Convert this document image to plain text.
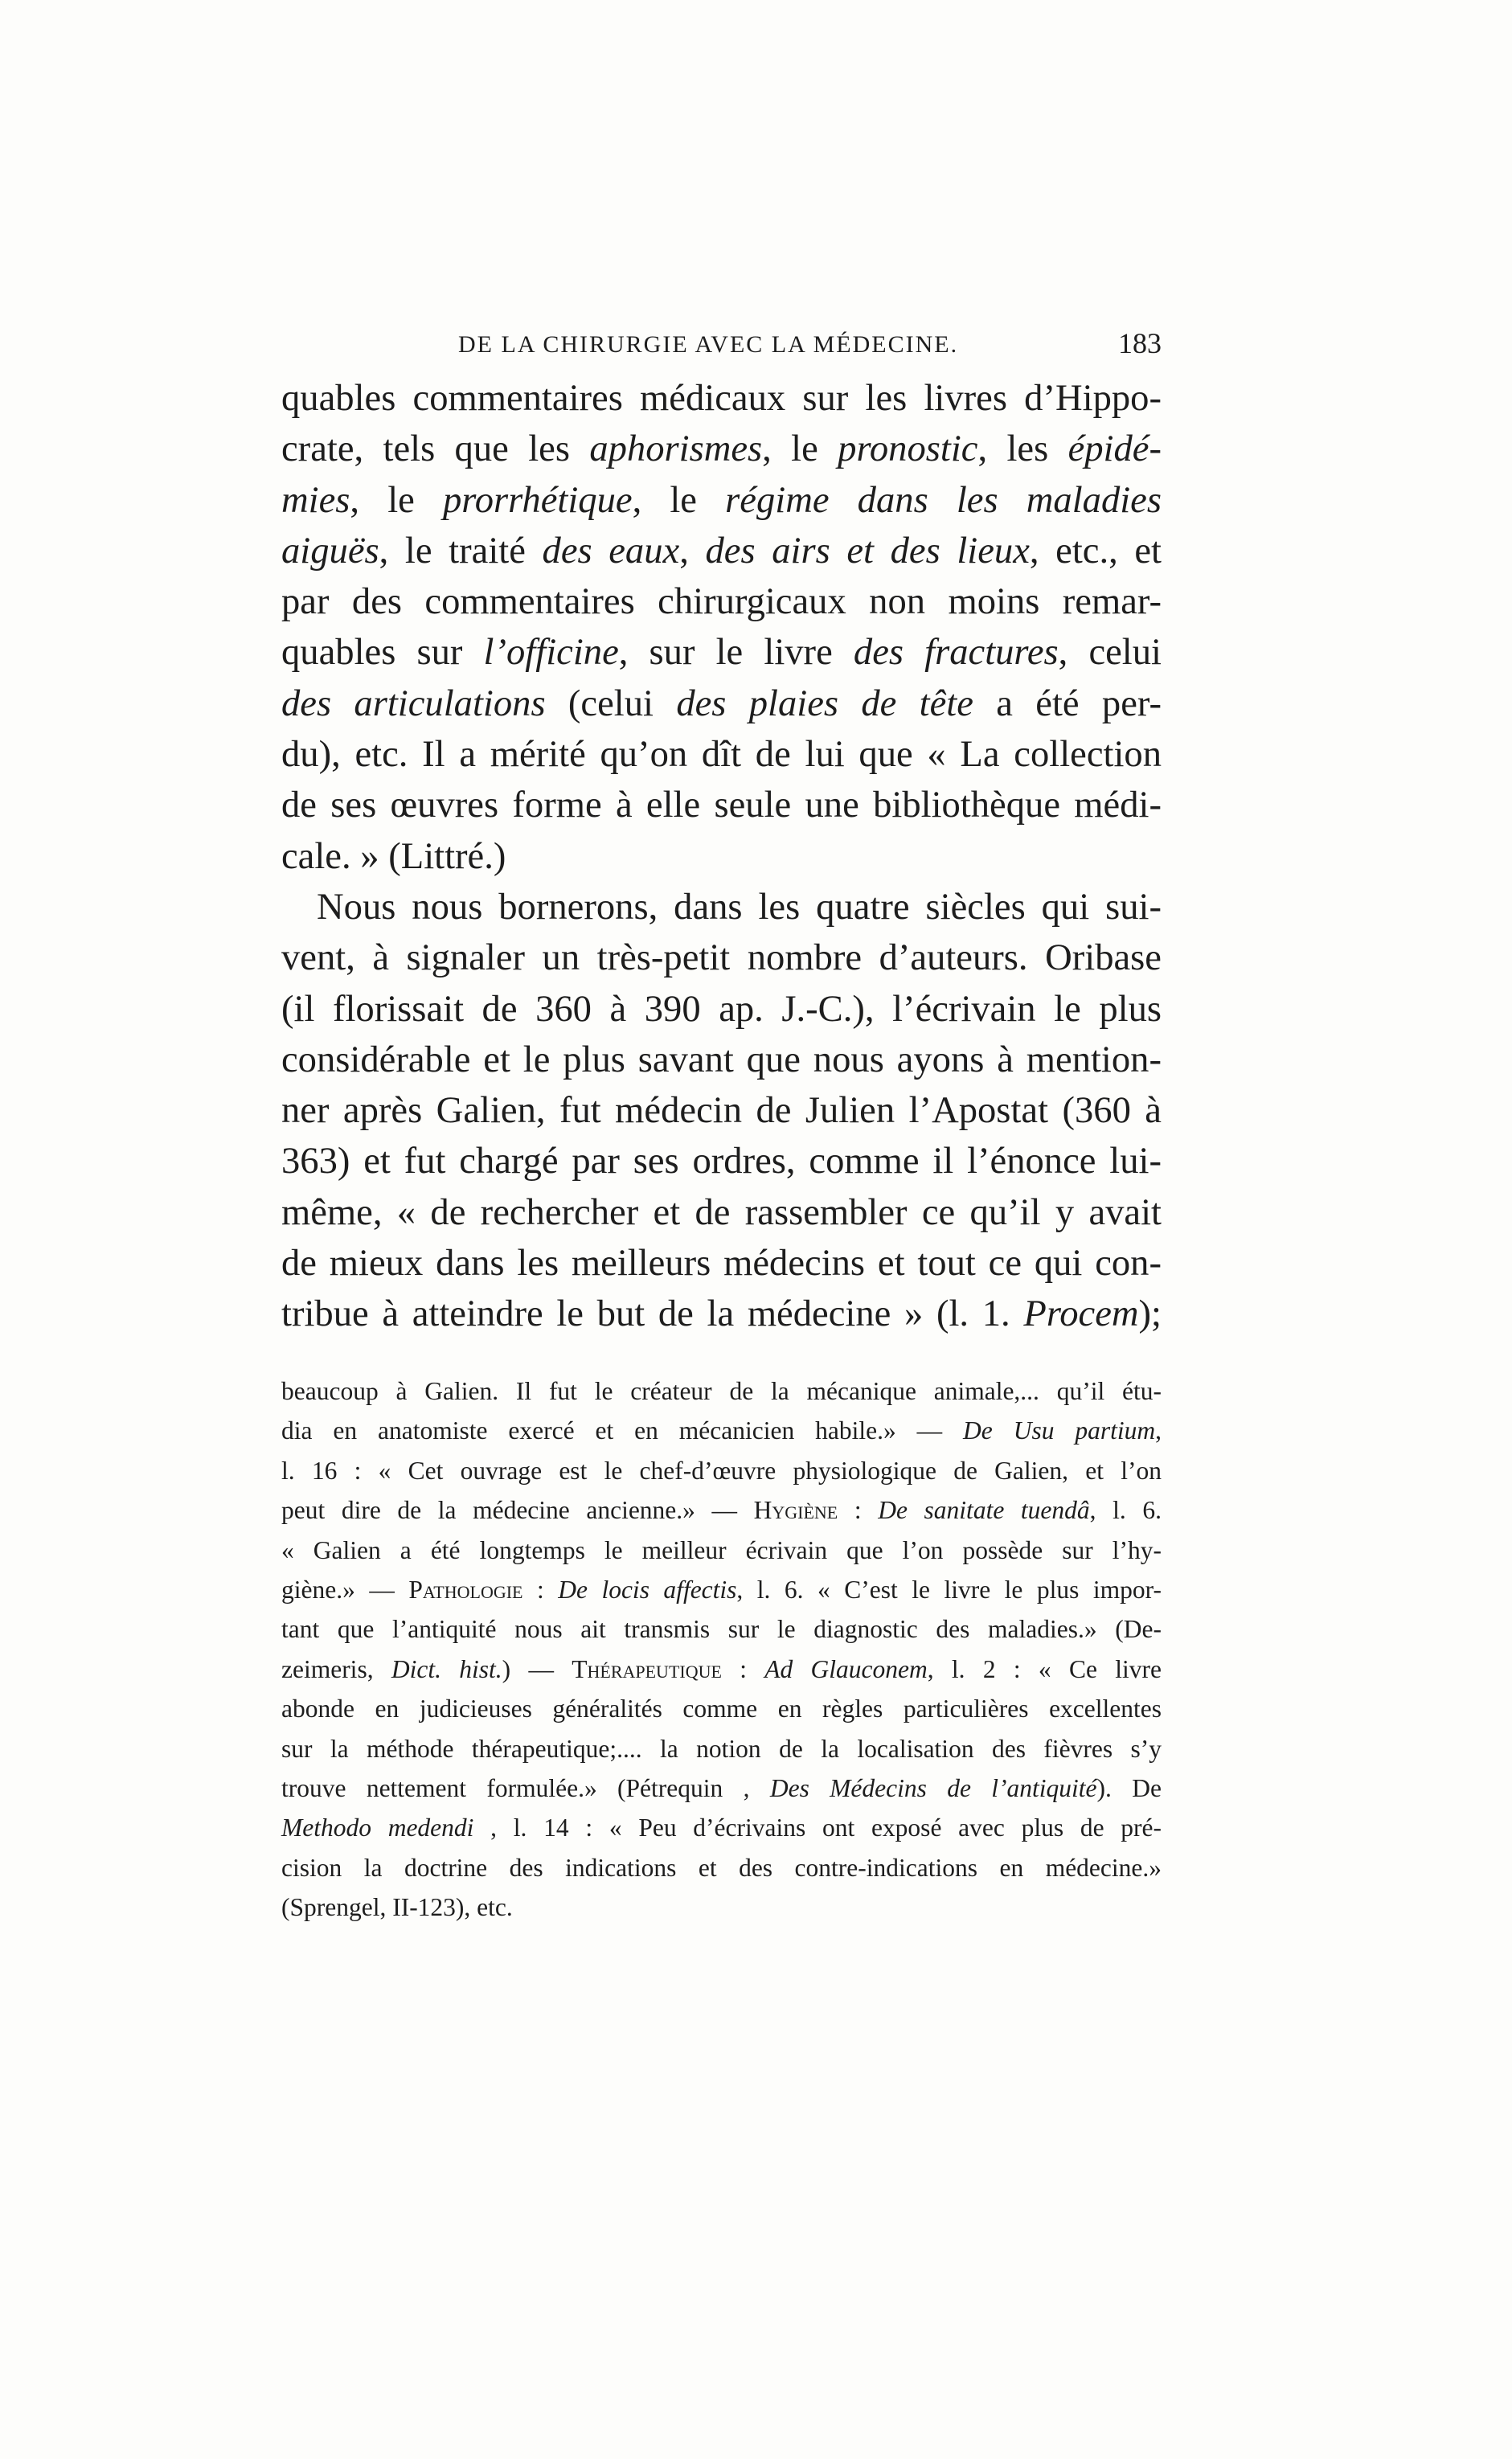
DE LA CHIRURGIE AVEC LA MÉDECINE.	183

quables commentaires médicaux sur les livres d’Hippo-
crate, tels que les aphorismes, le pronostic, les épidé-
mies, le prorrhétique, le régime dans les maladies
aiguës, le traité des eaux, des airs et des lieux, etc., et
par des commentaires chirurgicaux non moins remar-
quables sur l’officine, sur le livre des fractures, celui
des articulations (celui des plaies de tête a été per-
du), etc. Il a mérité qu’on dît de lui que « La collection
de ses œuvres forme à elle seule une bibliothèque médi-
cale. » (Littré.)

Nous nous bornerons, dans les quatre siècles qui sui-
vent, à signaler un très-petit nombre d’auteurs. Oribase
(il florissait de 360 à 390 ap. J.-C.), l’écrivain le plus
considérable et le plus savant que nous ayons à mention-
ner après Galien, fut médecin de Julien l’Apostat (360 à
363) et fut chargé par ses ordres, comme il l’énonce lui-
même, « de rechercher et de rassembler ce qu’il y avait
de mieux dans les meilleurs médecins et tout ce qui con-
tribue à atteindre le but de la médecine » (l. 1. Procem);

beaucoup à Galien. Il fut le créateur de la mécanique animale,... qu’il étu-
dia en anatomiste exercé et en mécanicien habile.» — De Usu partium,
l. 16 : « Cet ouvrage est le chef-d’œuvre physiologique de Galien, et l’on
peut dire de la médecine ancienne.» — Hygiène : De sanitate tuendâ, l. 6.
« Galien a été longtemps le meilleur écrivain que l’on possède sur l’hy-
giène.» — Pathologie : De locis affectis, l. 6. « C’est le livre le plus impor-
tant que l’antiquité nous ait transmis sur le diagnostic des maladies.» (De-
zeimeris, Dict. hist.) — Thérapeutique : Ad Glauconem, l. 2 : « Ce livre
abonde en judicieuses généralités comme en règles particulières excellentes
sur la méthode thérapeutique;.... la notion de la localisation des fièvres s’y
trouve nettement formulée.» (Pétrequin , Des Médecins de l’antiquité). De
Methodo medendi , l. 14 : « Peu d’écrivains ont exposé avec plus de pré-
cision la doctrine des indications et des contre-indications en médecine.»
(Sprengel, II-123), etc.
